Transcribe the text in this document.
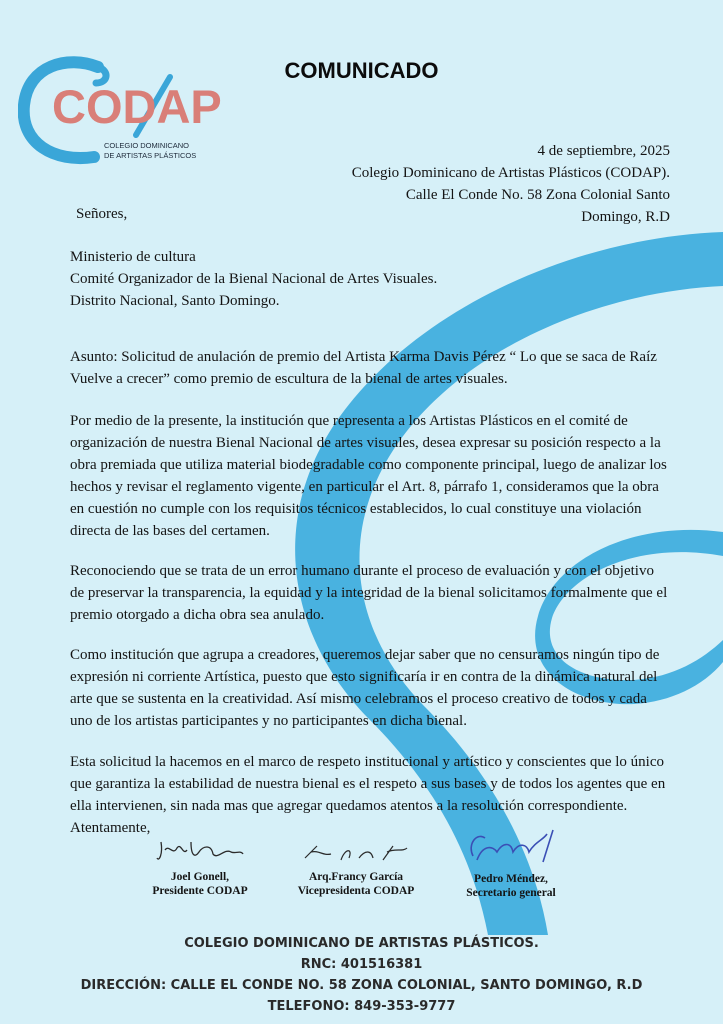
CODAP
COLEGIO DOMINICANO
DE ARTISTAS PLÁSTICOS
COMUNICADO
4 de septiembre, 2025
Colegio Dominicano de Artistas Plásticos (CODAP).
Calle El Conde No. 58 Zona Colonial Santo
Domingo, R.D
Señores,

Ministerio de cultura

Comité Organizador de la Bienal Nacional de Artes Visuales.

Distrito Nacional, Santo Domingo.

Asunto: Solicitud de anulación de premio del Artista Karma Davis Pérez “ Lo que se saca de Raíz Vuelve a crecer” como premio de escultura de la bienal de artes visuales.

Por medio de la presente, la institución que representa a los Artistas Plásticos en el comité de organización de nuestra Bienal Nacional de artes visuales, desea expresar su posición respecto a la obra premiada que utiliza material biodegradable como componente principal, luego de analizar los hechos y revisar el reglamento vigente, en particular el Art. 8, párrafo 1, consideramos que la obra en cuestión no cumple con los requisitos técnicos establecidos, lo cual constituye una violación directa de las bases del certamen.

Reconociendo que se trata de un error humano durante el proceso de evaluación y con el objetivo de preservar la transparencia, la equidad y la integridad de la bienal solicitamos formalmente que el premio otorgado a dicha obra sea anulado.

Como institución que agrupa a creadores, queremos dejar saber que no censuramos ningún tipo de expresión ni corriente Artística, puesto que esto significaría ir en contra de la dinámica natural del arte que se sustenta en la creatividad. Así mismo celebramos el proceso creativo de todos y cada uno de los artistas participantes y no participantes en dicha bienal.

Esta solicitud la hacemos en el marco de respeto institucional y artístico y conscientes que lo único que garantiza la estabilidad de nuestra bienal es el respeto a sus bases y de todos los agentes que en ella intervienen, sin nada mas que agregar quedamos atentos a la resolución correspondiente. Atentamente,

Joel Gonell,
Presidente CODAP
Arq.Francy García
Vicepresidenta CODAP
Pedro Méndez,
Secretario general
COLEGIO DOMINICANO DE ARTISTAS PLÁSTICOS.
RNC: 401516381
DIRECCIÓN: CALLE EL CONDE NO. 58 ZONA COLONIAL, SANTO DOMINGO, R.D
TELEFONO: 849-353-9777
